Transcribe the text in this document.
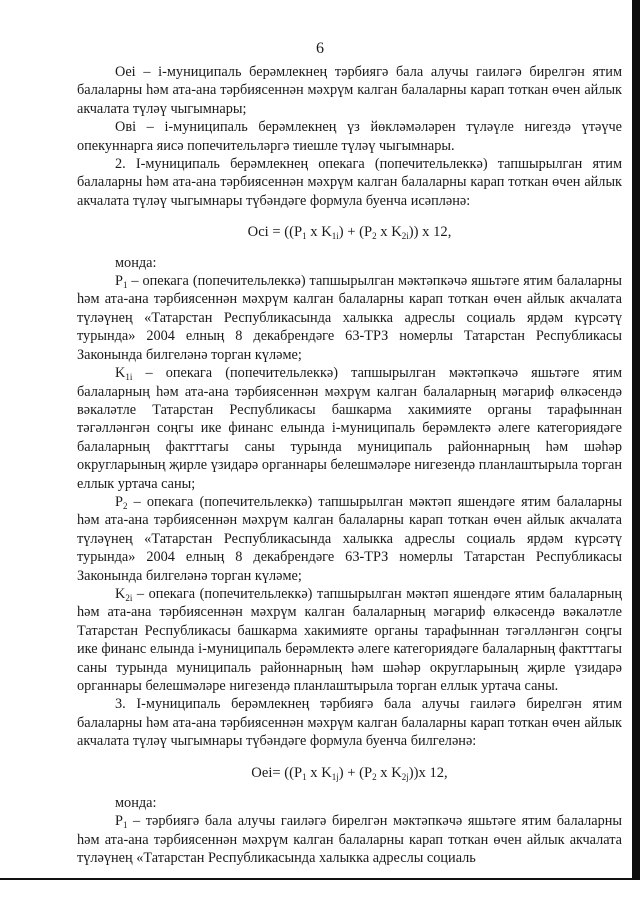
6

Оei – і-муниципаль берәмлекнең тәрбиягә бала алучы гаиләгә бирелгән ятим балаларны һәм ата-ана тәрбиясеннән мәхрүм калган балаларны карап тоткан өчен айлык акчалата түләү чыгымнары;

Овi – і-муниципаль берәмлекнең үз йөкләмәләрен түләүле нигездә үтәүче опекуннарга яисә попечительләргә тиешле түләү чыгымнары.

2. І-муниципаль берәмлекнең опекага (попечительлеккә) тапшырылган ятим балаларны һәм ата-ана тәрбиясеннән мәхрүм калган балаларны карап тоткан өчен айлык акчалата түләү чыгымнары түбәндәге формула буенча исәпләнә:

Оci = (($P_1$ x $K_{1i}) + (P_2$ x $K_{2i}$)) x 12,

монда:

$P_1$ – опекага (попечительлеккә) тапшырылган мәктәпкәчә яшьтәге ятим балаларны һәм ата-ана тәрбиясеннән мәхрүм калган балаларны карап тоткан өчен айлык акчалата түләүнең «Татарстан Республикасында халыкка адреслы социаль ярдәм күрсәтү турында» 2004 елның 8 декабрендәге 63-ТРЗ номерлы Татарстан Республикасы Законында билгеләнә торган күләме;

$K_{1i}$ – опекага (попечительлеккә) тапшырылган мәктәпкәчә яшьтәге ятим балаларның һәм ата-ана тәрбиясеннән мәхрүм калган балаларның мәгариф өлкәсендә вәкаләтле Татарстан Республикасы башкарма хакимияте органы тарафыннан тәгәлләнгән соңгы ике финанс елында і-муниципаль берәмлектә әлеге категориядәге балаларның фактттагы саны турында муниципаль районнарның һәм шәһәр округларының җирле үзидарә органнары белешмәләре нигезендә планлаштырыла торган еллык уртача саны;

$P_2$ – опекага (попечительлеккә) тапшырылган мәктәп яшендәге ятим балаларны һәм ата-ана тәрбиясеннән мәхрүм калган балаларны карап тоткан өчен айлык акчалата түләүнең «Татарстан Республикасында халыкка адреслы социаль ярдәм күрсәтү турында» 2004 елның 8 декабрендәге 63-ТРЗ номерлы Татарстан Республикасы Законында билгеләнә торган күләме;

$K_{2i}$ – опекага (попечительлеккә) тапшырылган мәктәп яшендәге ятим балаларның һәм ата-ана тәрбиясеннән мәхрүм калган балаларның мәгариф өлкәсендә вәкаләтле Татарстан Республикасы башкарма хакимияте органы тарафыннан тәгәлләнгән соңгы ике финанс елында і-муниципаль берәмлектә әлеге категориядәге балаларның фактттагы саны турында муниципаль районнарның һәм шәһәр округларының җирле үзидарә органнары белешмәләре нигезендә планлаштырыла торган еллык уртача саны.

3. І-муниципаль берәмлекнең тәрбиягә бала алучы гаиләгә бирелгән ятим балаларны һәм ата-ана тәрбиясеннән мәхрүм калган балаларны карап тоткан өчен айлык акчалата түләү чыгымнары түбәндәге формула буенча билгеләнә:

$Оеі= ((P_1$ x $K_{1j}) + (P_2$ x $K_{2j}))x$ 12,

монда:

$P_1$ – тәрбиягә бала алучы гаиләгә бирелгән мәктәпкәчә яшьтәге ятим балаларны һәм ата-ана тәрбиясеннән мәхрүм калган балаларны карап тоткан өчен айлык акчалата түләүнең «Татарстан Республикасында халыкка адреслы социаль
